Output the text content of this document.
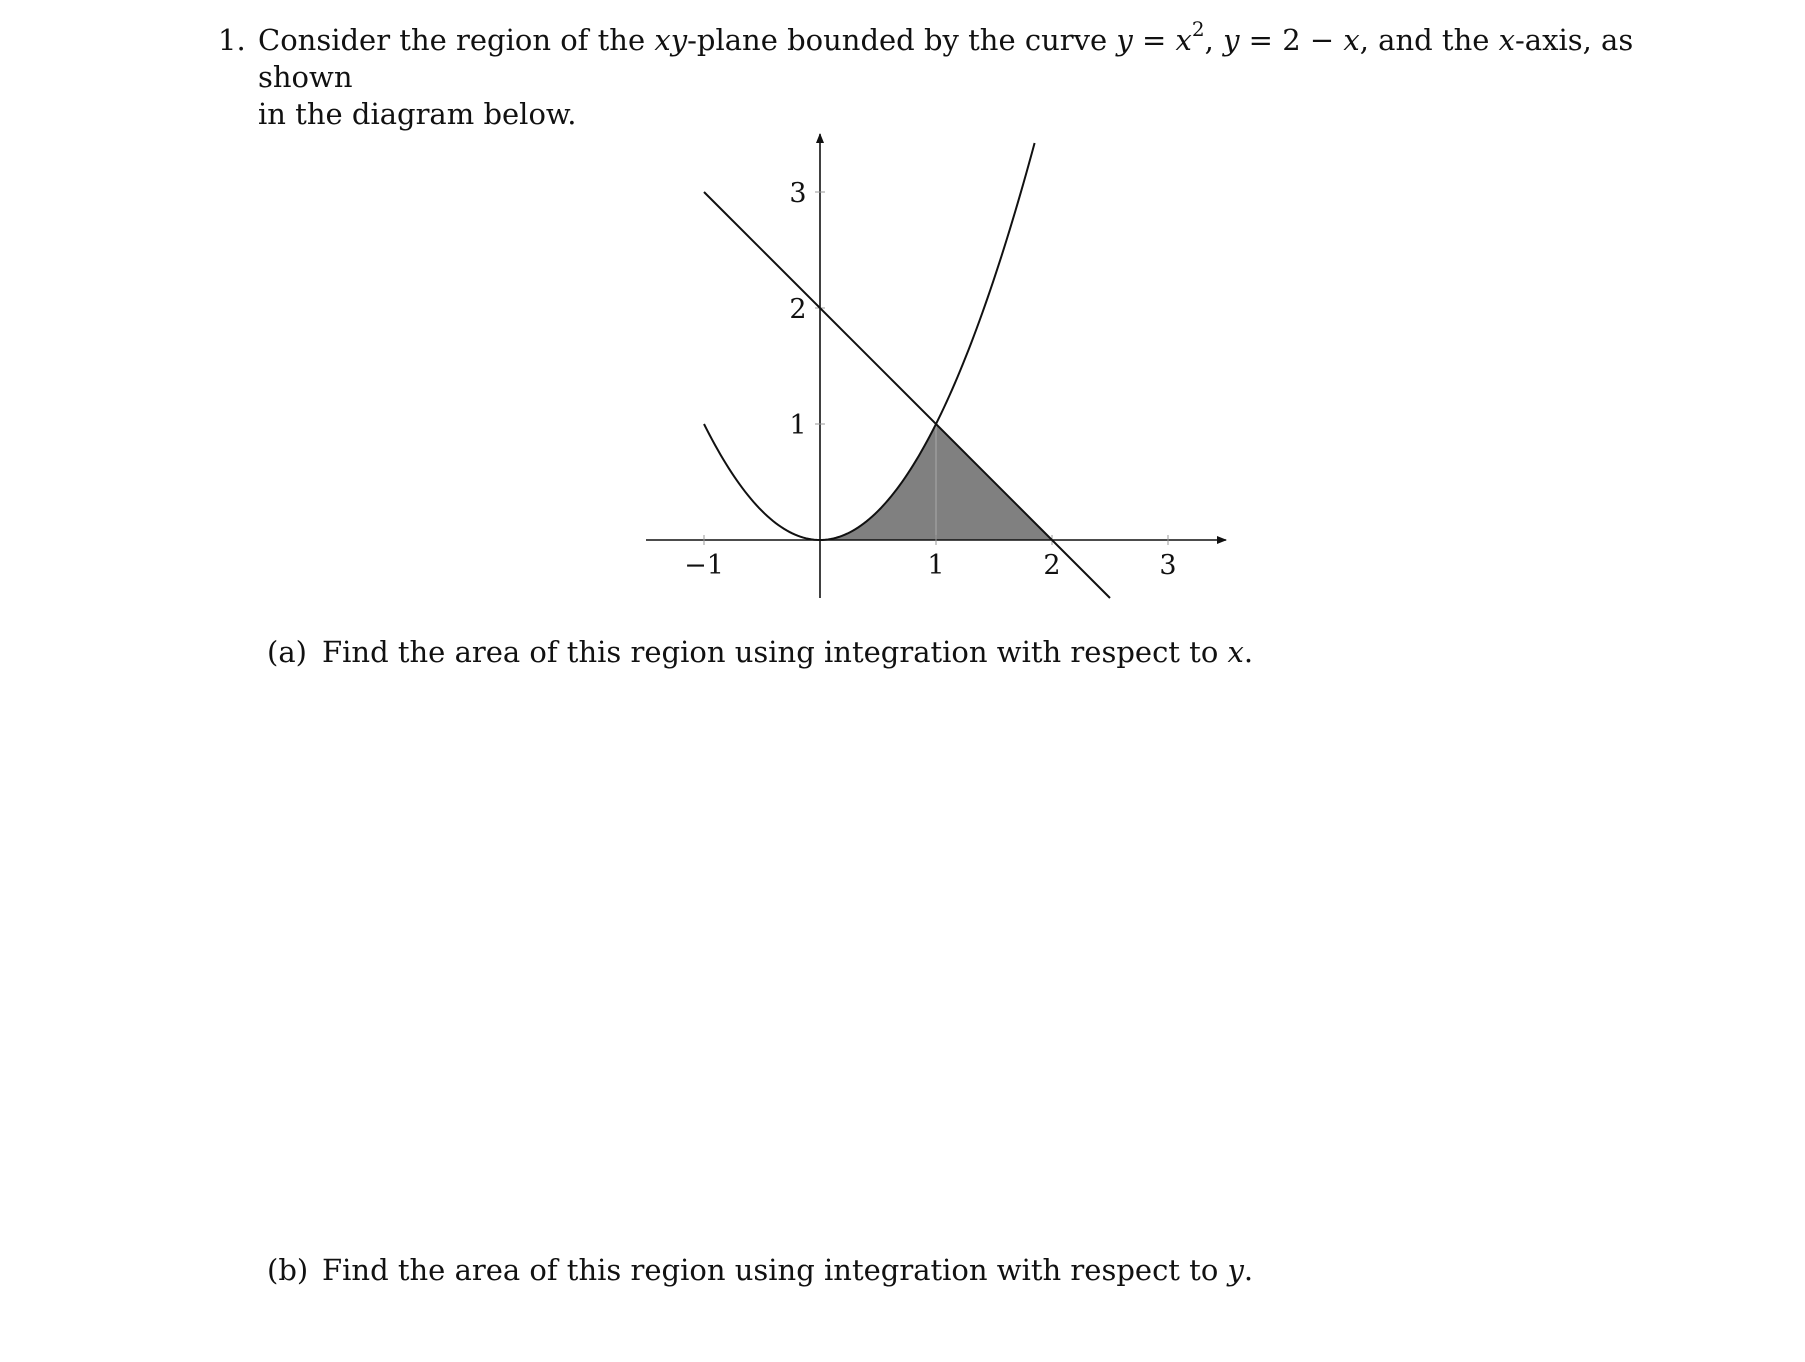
1. Consider the region of the xy-plane bounded by the curve $y = x^2$, y = 2 − x, and the x-axis, as shown
in the diagram below.
−1	1	2	3
1
2
3
(a) Find the area of this region using integration with respect to x.
(b) Find the area of this region using integration with respect to y.
